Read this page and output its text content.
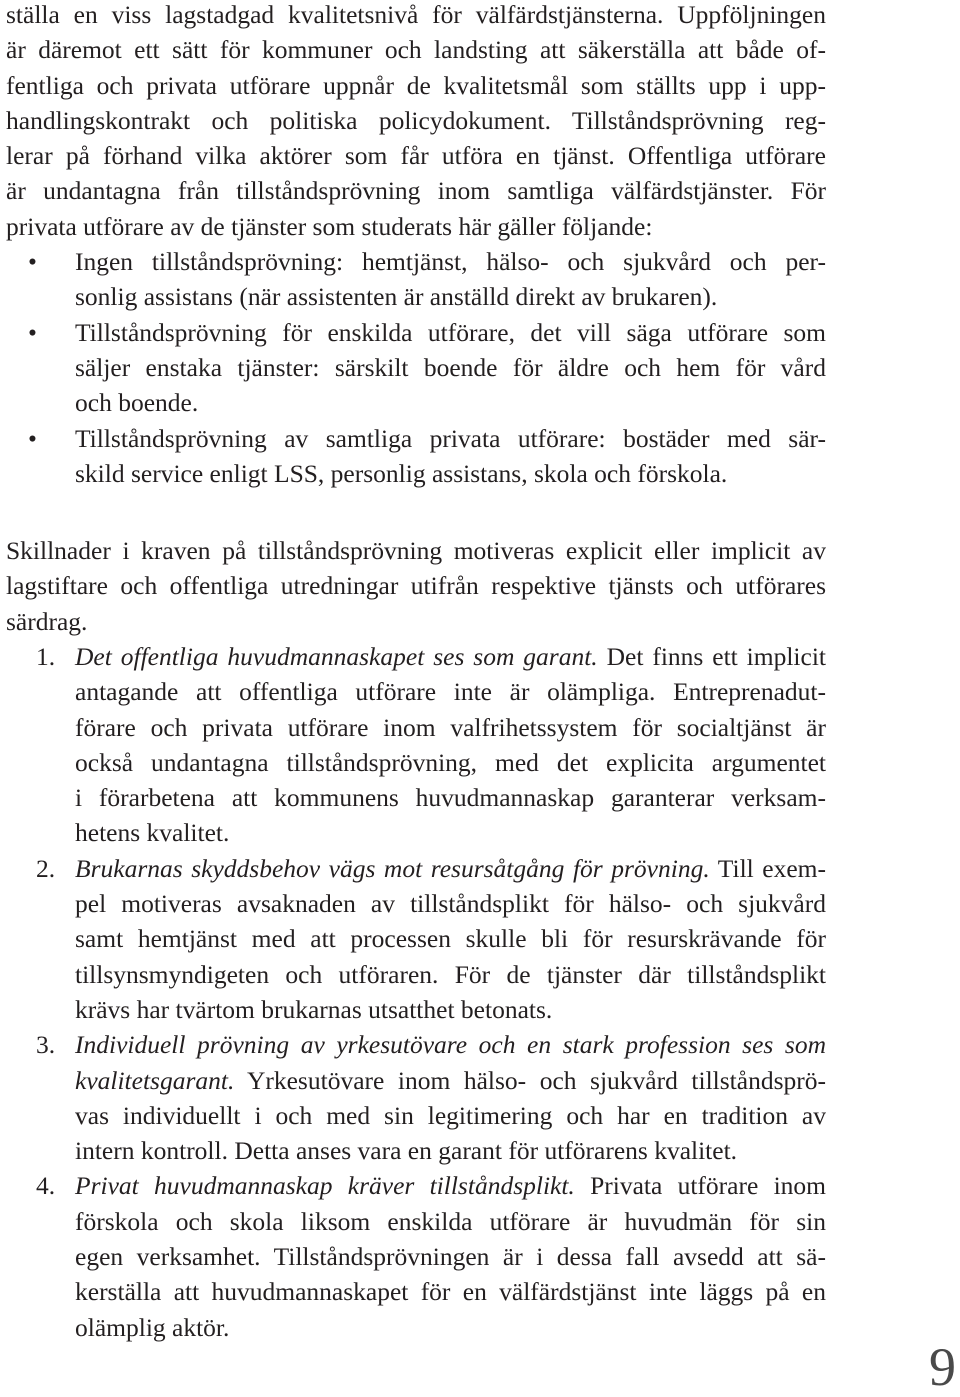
ställa en viss lagstadgad kvalitetsnivå för välfärdstjänsterna. Uppföljningen
är däremot ett sätt för kommuner och landsting att säkerställa att både of-
fentliga och privata utförare uppnår de kvalitetsmål som ställts upp i upp-
handlingskontrakt och politiska policydokument. Tillståndsprövning reg-
lerar på förhand vilka aktörer som får utföra en tjänst. Offentliga utförare
är undantagna från tillståndsprövning inom samtliga välfärdstjänster. För
privata utförare av de tjänster som studerats här gäller följande:
•	Ingen tillståndsprövning: hemtjänst, hälso- och sjukvård och per-
sonlig assistans (när assistenten är anställd direkt av brukaren).
•	Tillståndsprövning för enskilda utförare, det vill säga utförare som
säljer enstaka tjänster: särskilt boende för äldre och hem för vård
och boende.
•	Tillståndsprövning av samtliga privata utförare: bostäder med sär-
skild service enligt LSS, personlig assistans, skola och förskola.
Skillnader i kraven på tillståndsprövning motiveras explicit eller implicit av
lagstiftare och offentliga utredningar utifrån respektive tjänsts och utförares
särdrag.
1. Det offentliga huvudmannaskapet ses som garant. Det finns ett implicit
antagande att offentliga utförare inte är olämpliga. Entreprenadut-
förare och privata utförare inom valfrihetssystem för socialtjänst är
också undantagna tillståndsprövning, med det explicita argumentet
i förarbetena att kommunens huvudmannaskap garanterar verksam-
hetens kvalitet.
2. Brukarnas skyddsbehov vägs mot resursåtgång för prövning. Till exem-
pel motiveras avsaknaden av tillståndsplikt för hälso- och sjukvård
samt hemtjänst med att processen skulle bli för resurskrävande för
tillsynsmyndigeten och utföraren. För de tjänster där tillståndsplikt
krävs har tvärtom brukarnas utsatthet betonats.
3. Individuell prövning av yrkesutövare och en stark profession ses som
kvalitetsgarant. Yrkesutövare inom hälso- och sjukvård tillståndsprö-
vas individuellt i och med sin legitimering och har en tradition av
intern kontroll. Detta anses vara en garant för utförarens kvalitet.
4. Privat huvudmannaskap kräver tillståndsplikt. Privata utförare inom
förskola och skola liksom enskilda utförare är huvudmän för sin
egen verksamhet. Tillståndsprövningen är i dessa fall avsedd att sä-
kerställa att huvudmannaskapet för en välfärdstjänst inte läggs på en
olämplig aktör.
9
